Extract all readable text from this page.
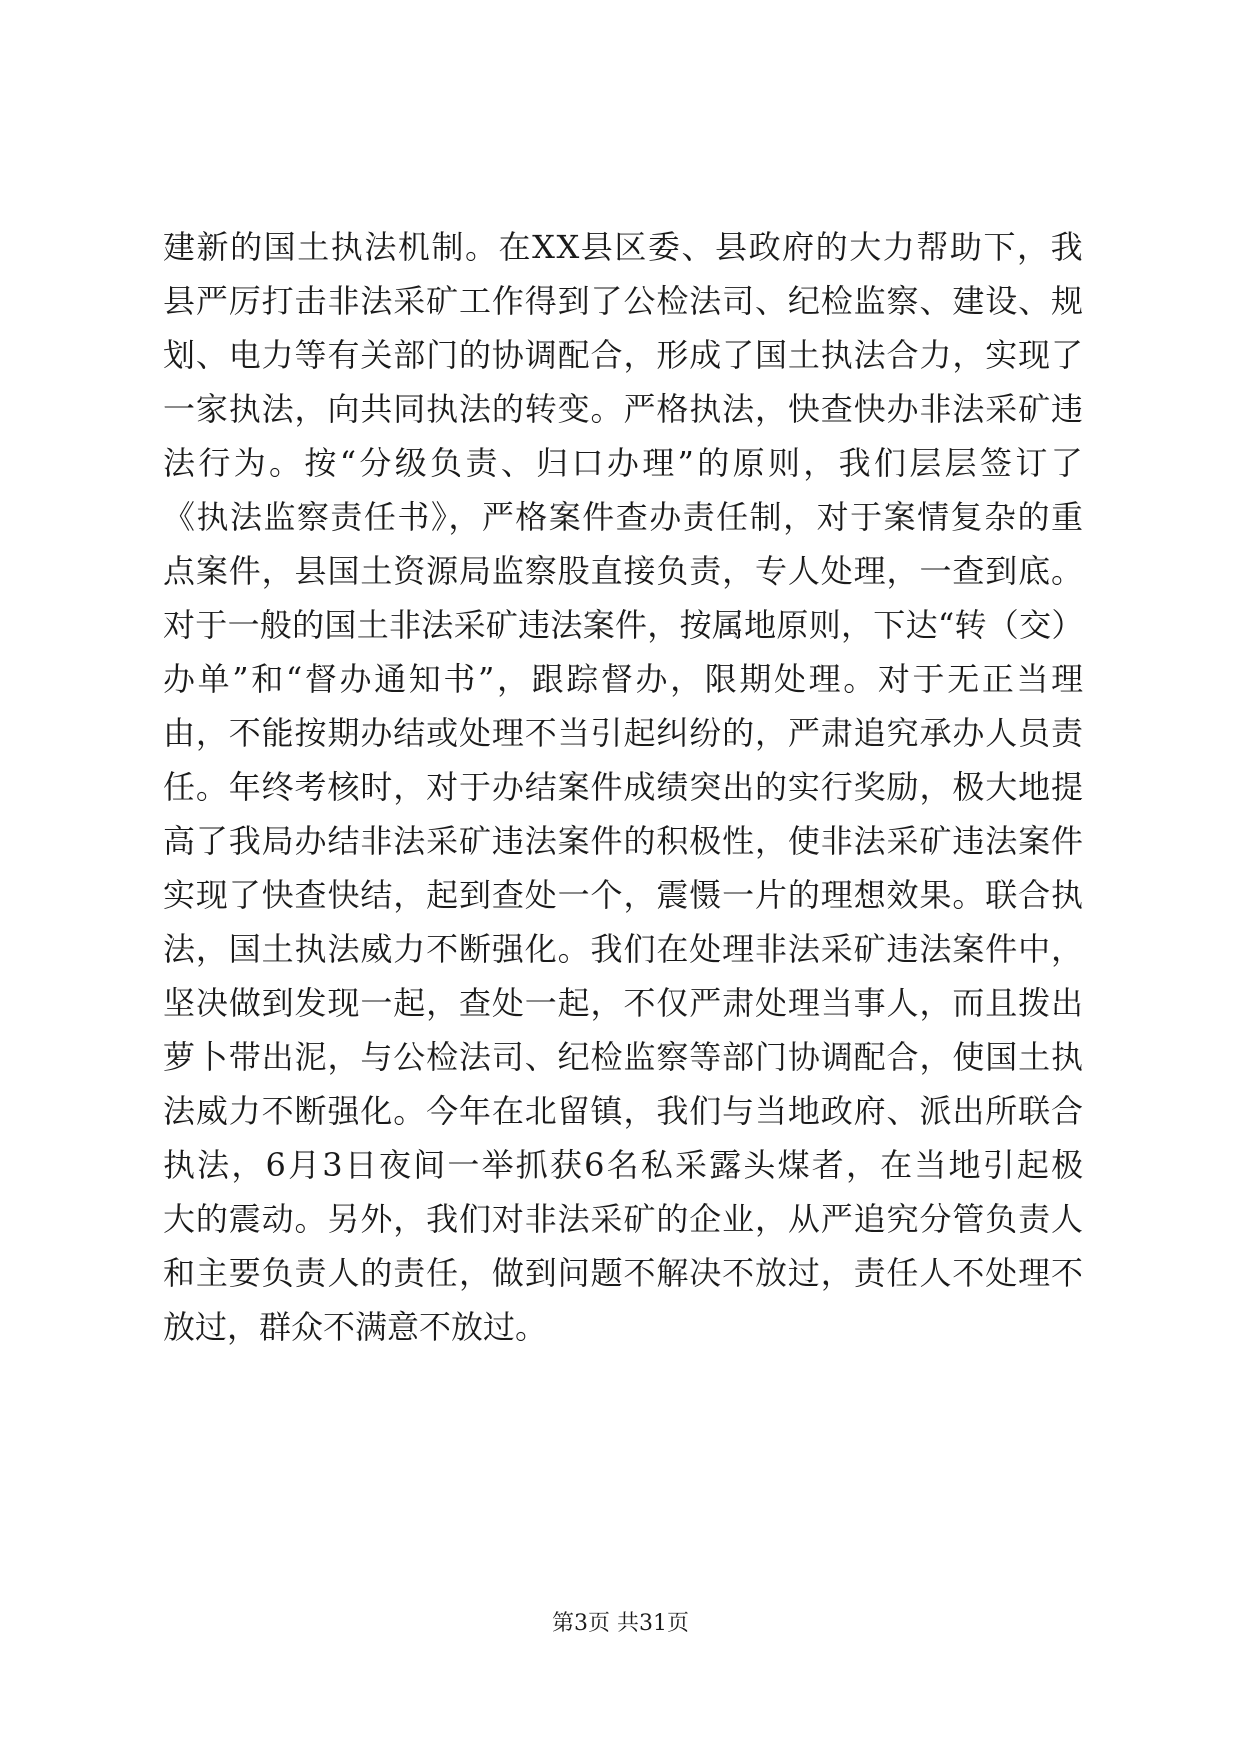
建新的国土执法机制。在XX县区委、县政府的大力帮助下，我
县严厉打击非法采矿工作得到了公检法司、纪检监察、建设、规
划、电力等有关部门的协调配合，形成了国土执法合力，实现了
一家执法，向共同执法的转变。严格执法，快查快办非法采矿违
法行为。按“分级负责、归口办理”的原则，我们层层签订了
《执法监察责任书》，严格案件查办责任制，对于案情复杂的重
点案件，县国土资源局监察股直接负责，专人处理，一查到底。
对于一般的国土非法采矿违法案件，按属地原则，下达“转（交）
办单”和“督办通知书”，跟踪督办，限期处理。对于无正当理
由，不能按期办结或处理不当引起纠纷的，严肃追究承办人员责
任。年终考核时，对于办结案件成绩突出的实行奖励，极大地提
高了我局办结非法采矿违法案件的积极性，使非法采矿违法案件
实现了快查快结，起到查处一个，震慑一片的理想效果。联合执
法，国土执法威力不断强化。我们在处理非法采矿违法案件中，
坚决做到发现一起，查处一起，不仅严肃处理当事人，而且拨出
萝卜带出泥，与公检法司、纪检监察等部门协调配合，使国土执
法威力不断强化。今年在北留镇，我们与当地政府、派出所联合
执法，6月3日夜间一举抓获6名私采露头煤者，在当地引起极
大的震动。另外，我们对非法采矿的企业，从严追究分管负责人
和主要负责人的责任，做到问题不解决不放过，责任人不处理不
放过，群众不满意不放过。
第3页 共31页
